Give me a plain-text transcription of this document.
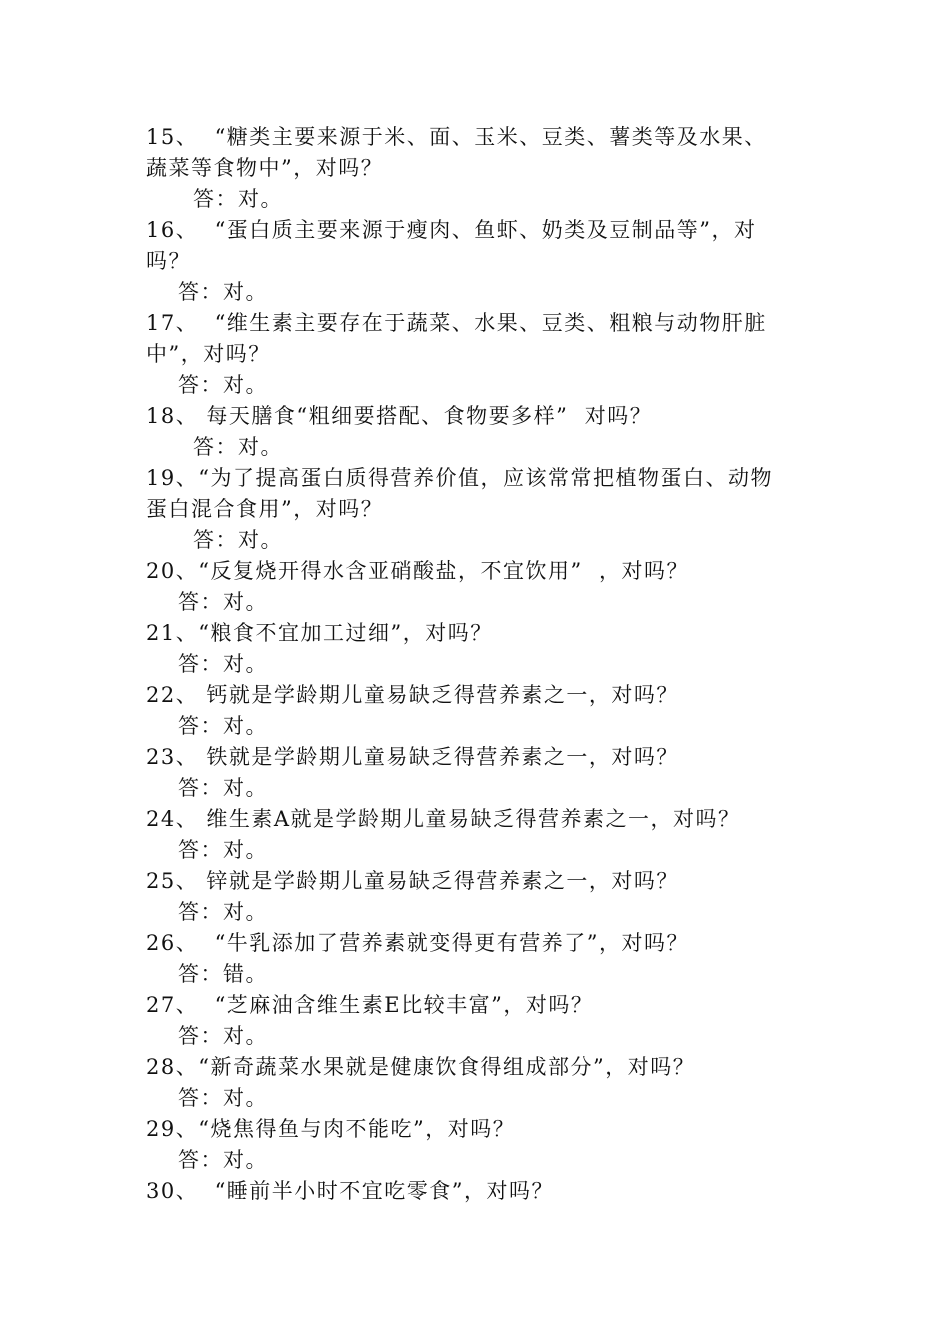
15、  “糖类主要来源于米、面、玉米、豆类、薯类等及水果、
蔬菜等食物中”，对吗？
答：对。
16、  “蛋白质主要来源于瘦肉、鱼虾、奶类及豆制品等”，对
吗？
答：对。
17、  “维生素主要存在于蔬菜、水果、豆类、粗粮与动物肝脏
中”，对吗？
答：对。
18、 每天膳食“粗细要搭配、食物要多样”  对吗？
答：对。
19、“为了提高蛋白质得营养价值，应该常常把植物蛋白、动物
蛋白混合食用”，对吗？
答：对。
20、“反复烧开得水含亚硝酸盐，不宜饮用”  ，对吗？
答：对。
21、“粮食不宜加工过细”，对吗？
答：对。
22、 钙就是学龄期儿童易缺乏得营养素之一，对吗？
答：对。
23、 铁就是学龄期儿童易缺乏得营养素之一，对吗？
答：对。
24、 维生素A就是学龄期儿童易缺乏得营养素之一，对吗？
答：对。
25、 锌就是学龄期儿童易缺乏得营养素之一，对吗？
答：对。
26、  “牛乳添加了营养素就变得更有营养了”，对吗？
答：错。
27、  “芝麻油含维生素E比较丰富”，对吗？
答：对。
28、“新奇蔬菜水果就是健康饮食得组成部分”，对吗？
答：对。
29、“烧焦得鱼与肉不能吃”，对吗？
答：对。
30、  “睡前半小时不宜吃零食”，对吗？
